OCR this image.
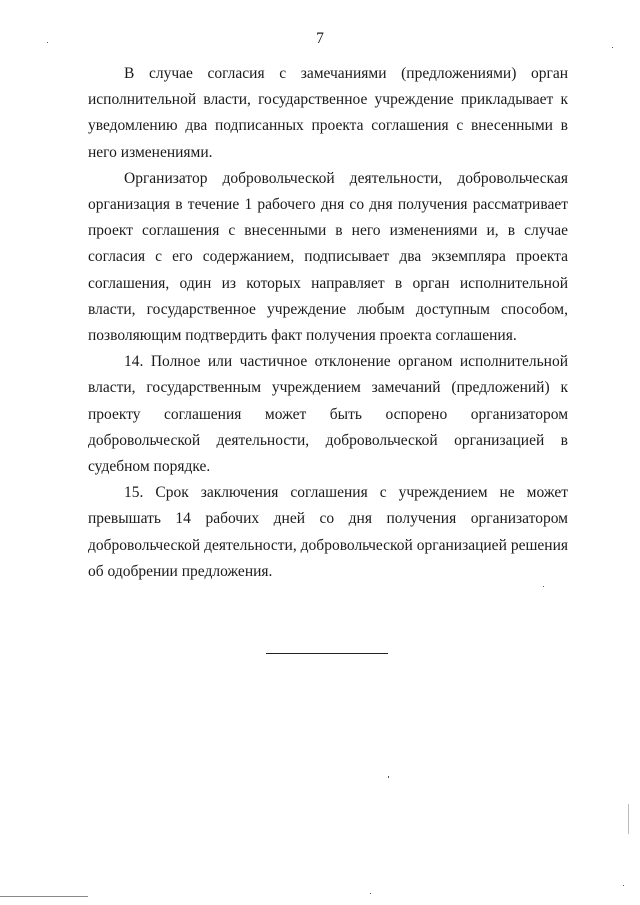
7

В случае согласия с замечаниями (предложениями) орган исполнительной власти, государственное учреждение прикладывает к уведомлению два подписанных проекта соглашения с внесенными в него изменениями.

Организатор добровольческой деятельности, добровольческая организация в течение 1 рабочего дня со дня получения рассматривает проект соглашения с внесенными в него изменениями и, в случае согласия с его содержанием, подписывает два экземпляра проекта соглашения, один из которых направляет в орган исполнительной власти, государственное учреждение любым доступным способом, позволяющим подтвердить факт получения проекта соглашения.

14. Полное или частичное отклонение органом исполнительной власти, государственным учреждением замечаний (предложений) к проекту соглашения может быть оспорено организатором добровольческой деятельности, добровольческой организацией в судебном порядке.

15. Срок заключения соглашения с учреждением не может превышать 14 рабочих дней со дня получения организатором добровольческой деятельности, добровольческой организацией решения об одобрении предложения.
